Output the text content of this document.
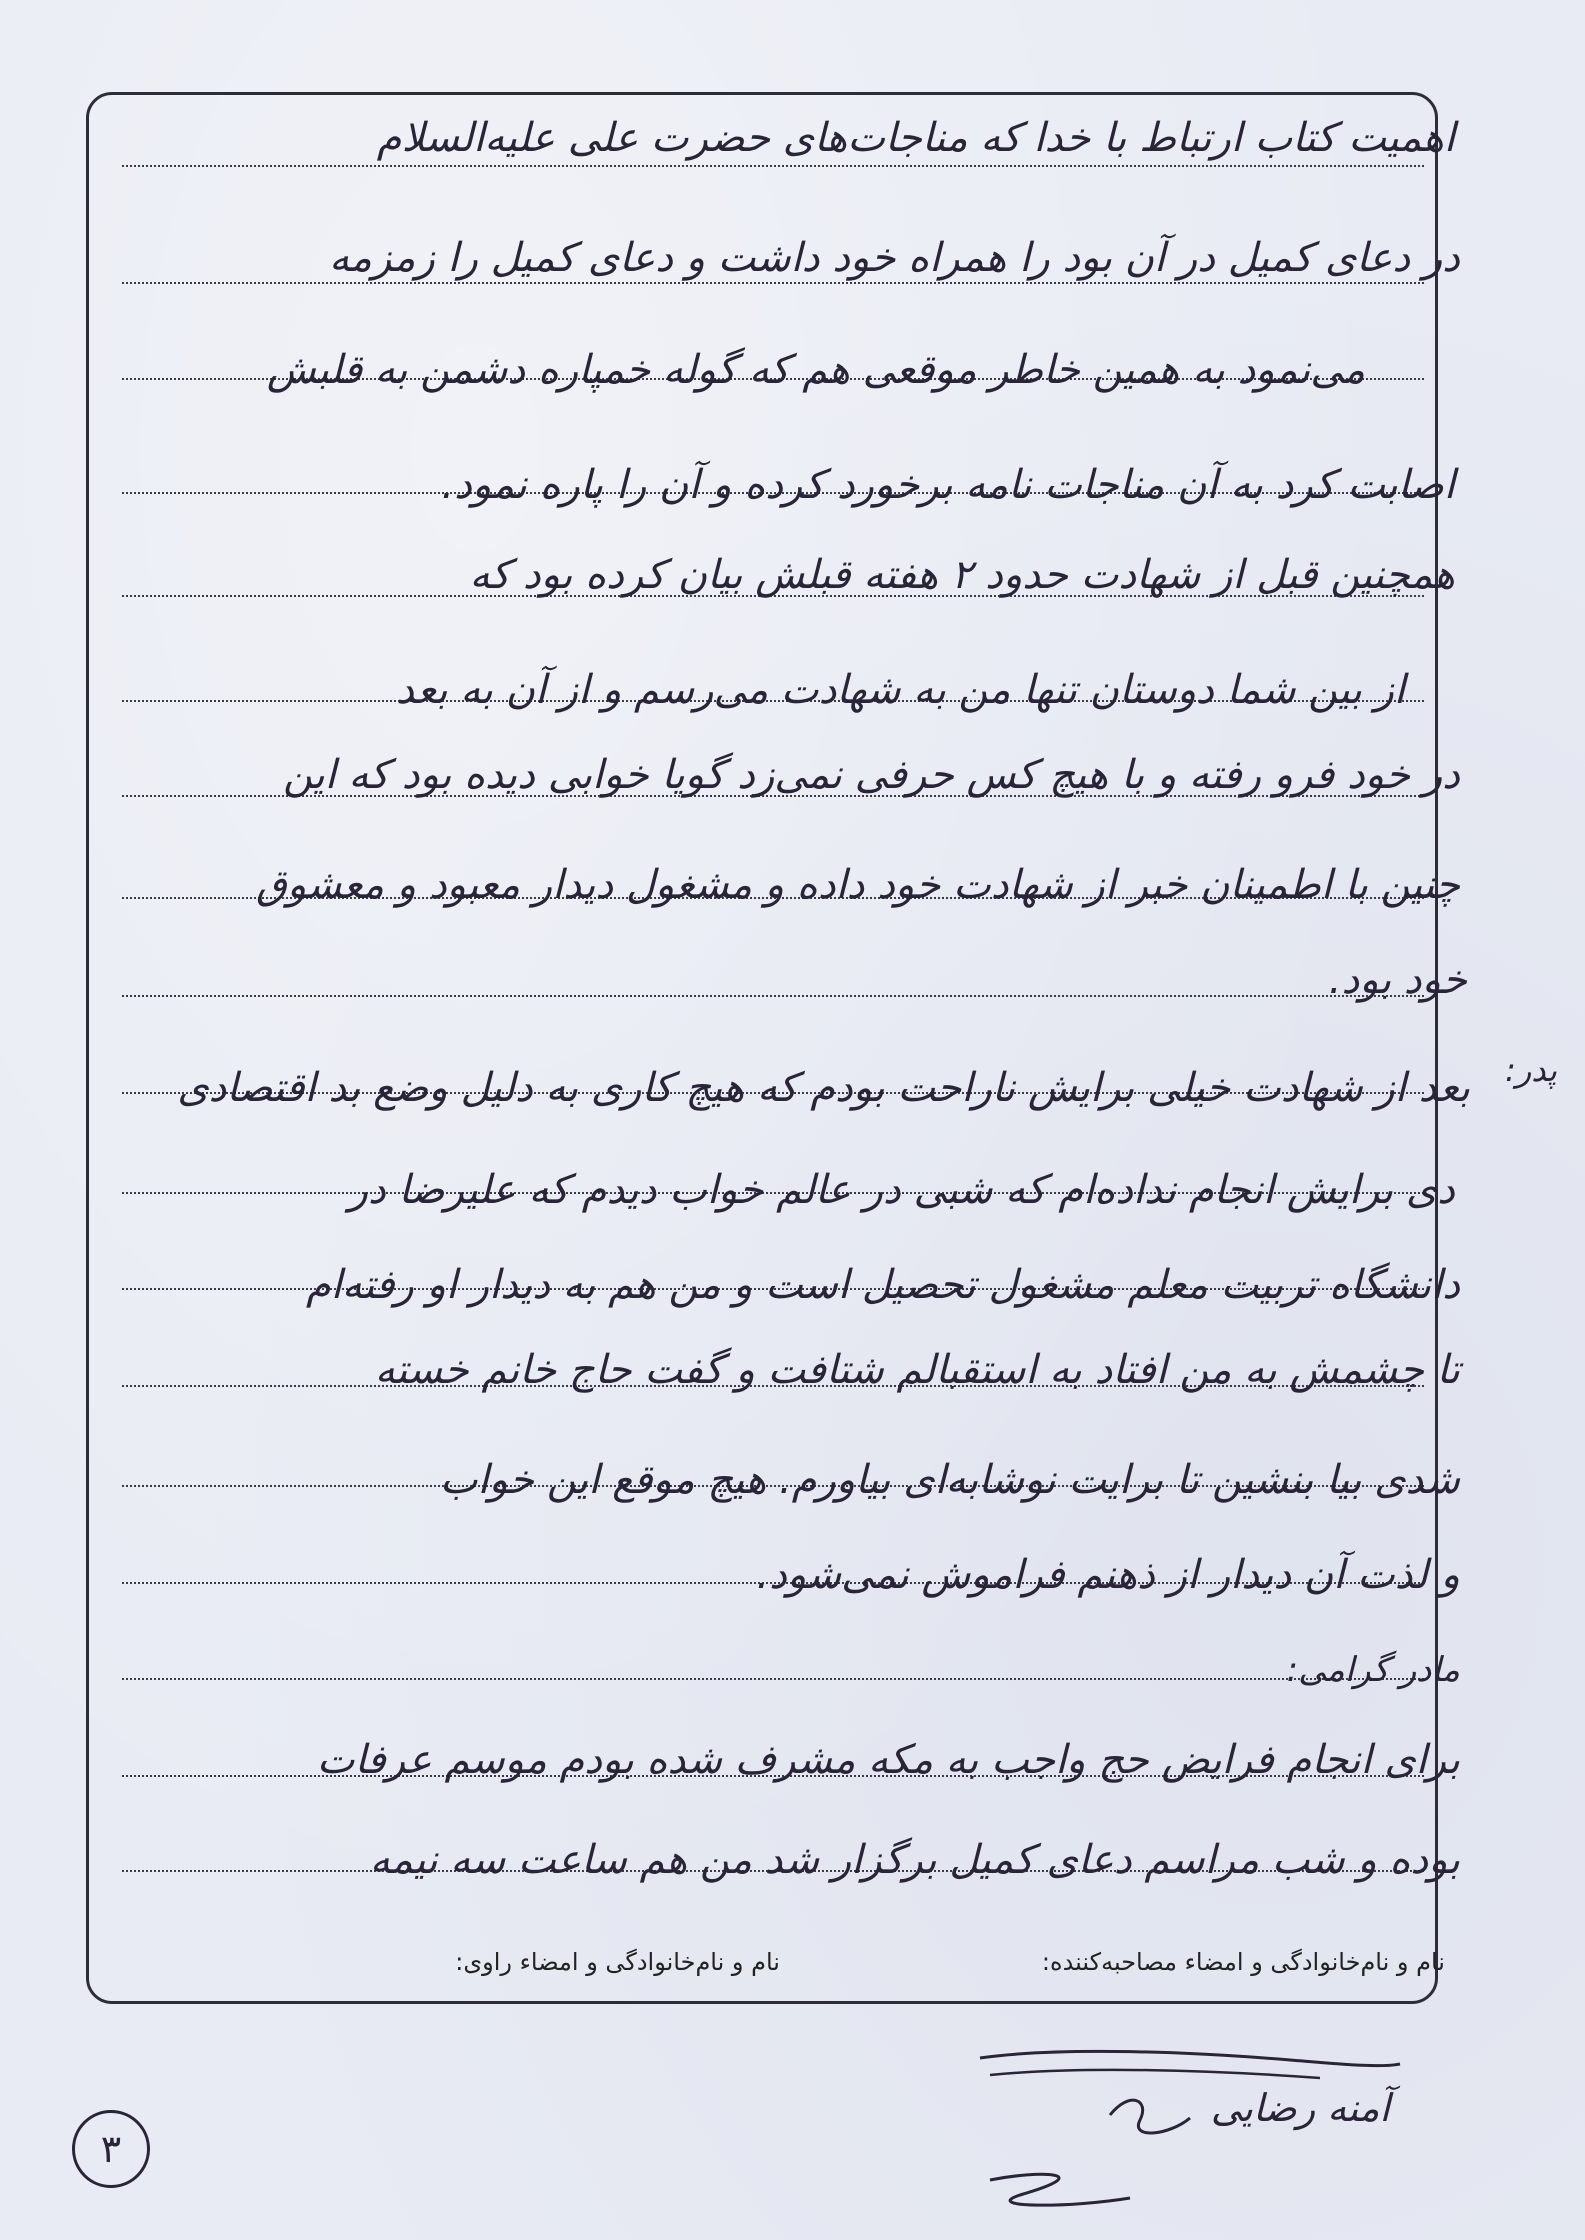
اهمیت کتاب ارتباط با خدا که مناجات‌های حضرت علی علیه‌السلام
در دعای کمیل در آن بود را همراه خود داشت و دعای کمیل را زمزمه
می‌نمود به همین خاطر موقعی هم که گوله خمپاره دشمن به قلبش
اصابت کرد به آن مناجات نامه برخورد کرده و آن را پاره نمود.
همچنین قبل از شهادت حدود ۲ هفته قبلش بیان کرده بود که
از بین شما دوستان تنها من به شهادت می‌رسم و از آن به بعد
در خود فرو رفته و با هیچ کس حرفی نمی‌زد گویا خوابی دیده بود که این
چنین با اطمینان خبر از شهادت خود داده و مشغول دیدار معبود و معشوق
خود بود.
پدر:
بعد از شهادت خیلی برایش ناراحت بودم که هیچ کاری به دلیل وضع بد اقتصادی
دی برایش انجام نداده‌ام که شبی در عالم خواب دیدم که علیرضا در
دانشگاه تربیت معلم مشغول تحصیل است و من هم به دیدار او رفته‌ام
تا چشمش به من افتاد به استقبالم شتافت و گفت حاج خانم خسته
شدی بیا بنشین تا برایت نوشابه‌ای بیاورم. هیچ موقع این خواب
و لذت آن دیدار از ذهنم فراموش نمی‌شود.
مادر گرامی:
برای انجام فرایض حج واجب به مکه مشرف شده بودم موسم عرفات
بوده و شب مراسم دعای کمیل برگزار شد من هم ساعت سه نیمه
نام و نام‌خانوادگی و امضاء مصاحبه‌کننده:
نام و نام‌خانوادگی و امضاء راوی:
آمنه رضایی
۳
